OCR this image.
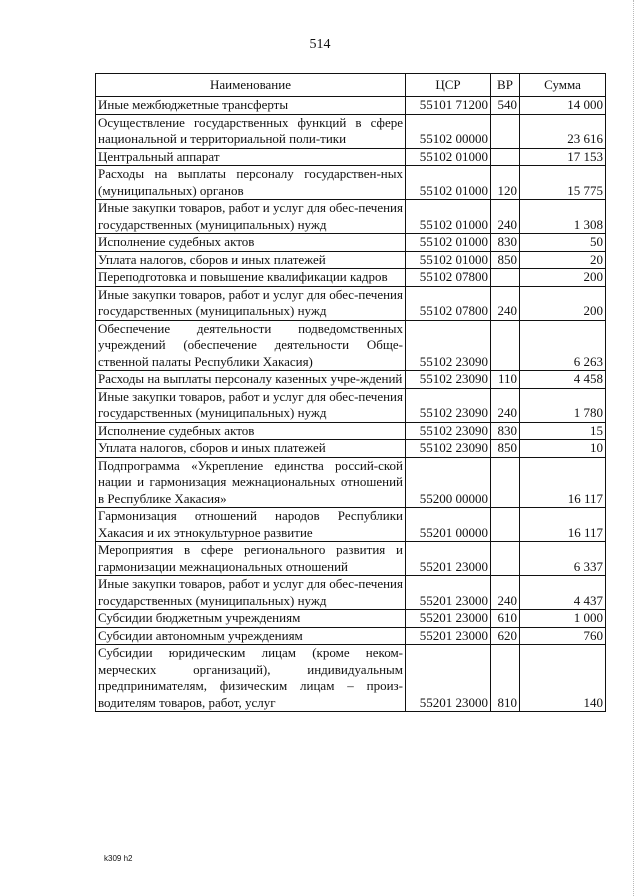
514
Наименование	ЦСР	ВР	Сумма
Иные межбюджетные трансферты	55101 71200	540	14 000
Осуществление государственных функций в сфере национальной и территориальной поли-тики	55102 00000		23 616
Центральный аппарат	55102 01000		17 153
Расходы на выплаты персоналу государствен-ных (муниципальных) органов	55102 01000	120	15 775
Иные закупки товаров, работ и услуг для обес-печения государственных (муниципальных) нужд	55102 01000	240	1 308
Исполнение судебных актов	55102 01000	830	50
Уплата налогов, сборов и иных платежей	55102 01000	850	20
Переподготовка и повышение квалификации кадров	55102 07800		200
Иные закупки товаров, работ и услуг для обес-печения государственных (муниципальных) нужд	55102 07800	240	200
Обеспечение деятельности подведомственных учреждений (обеспечение деятельности Обще-ственной палаты Республики Хакасия)	55102 23090		6 263
Расходы на выплаты персоналу казенных учре-ждений	55102 23090	110	4 458
Иные закупки товаров, работ и услуг для обес-печения государственных (муниципальных) нужд	55102 23090	240	1 780
Исполнение судебных актов	55102 23090	830	15
Уплата налогов, сборов и иных платежей	55102 23090	850	10
Подпрограмма «Укрепление единства россий-ской нации и гармонизация межнациональных отношений в Республике Хакасия»	55200 00000		16 117
Гармонизация отношений народов Республики Хакасия и их этнокультурное развитие	55201 00000		16 117
Мероприятия в сфере регионального развития и гармонизации межнациональных отношений	55201 23000		6 337
Иные закупки товаров, работ и услуг для обес-печения государственных (муниципальных) нужд	55201 23000	240	4 437
Субсидии бюджетным учреждениям	55201 23000	610	1 000
Субсидии автономным учреждениям	55201 23000	620	760
Субсидии юридическим лицам (кроме неком-мерческих организаций), индивидуальным предпринимателям, физическим лицам – произ-водителям товаров, работ, услуг	55201 23000	810	140
k309 h2
